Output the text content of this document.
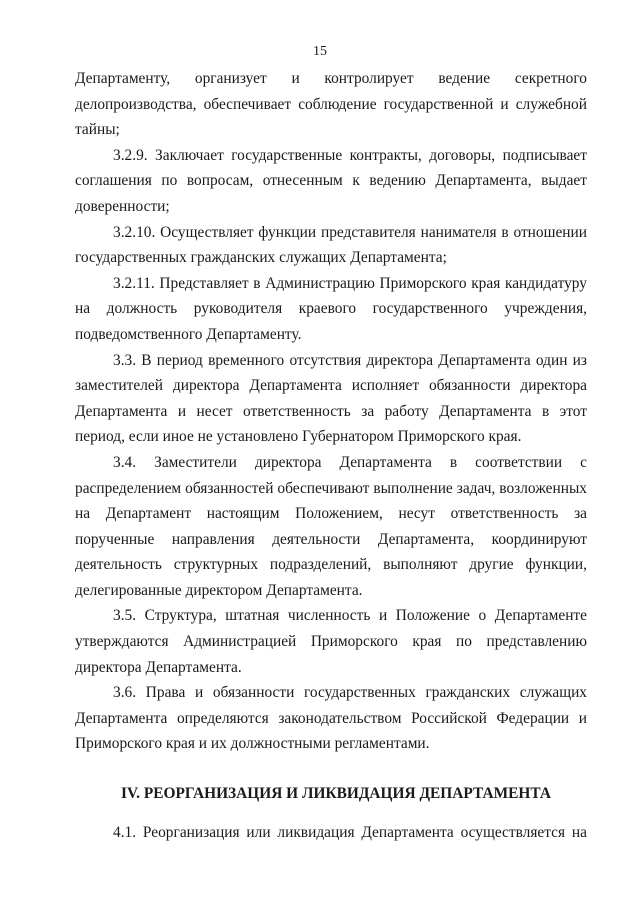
15

Департаменту, организует и контролирует ведение секретного делопроизводства, обеспечивает соблюдение государственной и служебной тайны;

3.2.9. Заключает государственные контракты, договоры, подписывает соглашения по вопросам, отнесенным к ведению Департамента, выдает доверенности;

3.2.10. Осуществляет функции представителя нанимателя в отношении государственных гражданских служащих Департамента;

3.2.11. Представляет в Администрацию Приморского края кандидатуру на должность руководителя краевого государственного учреждения, подведомственного Департаменту.

3.3. В период временного отсутствия директора Департамента один из заместителей директора Департамента исполняет обязанности директора Департамента и несет ответственность за работу Департамента в этот период, если иное не установлено Губернатором Приморского края.

3.4. Заместители директора Департамента в соответствии с распределением обязанностей обеспечивают выполнение задач, возложенных на Департамент настоящим Положением, несут ответственность за порученные направления деятельности Департамента, координируют деятельность структурных подразделений, выполняют другие функции, делегированные директором Департамента.

3.5. Структура, штатная численность и Положение о Департаменте утверждаются Администрацией Приморского края по представлению директора Департамента.

3.6. Права и обязанности государственных гражданских служащих Департамента определяются законодательством Российской Федерации и Приморского края и их должностными регламентами.

IV. РЕОРГАНИЗАЦИЯ И ЛИКВИДАЦИЯ ДЕПАРТАМЕНТА

4.1. Реорганизация или ликвидация Департамента осуществляется на
